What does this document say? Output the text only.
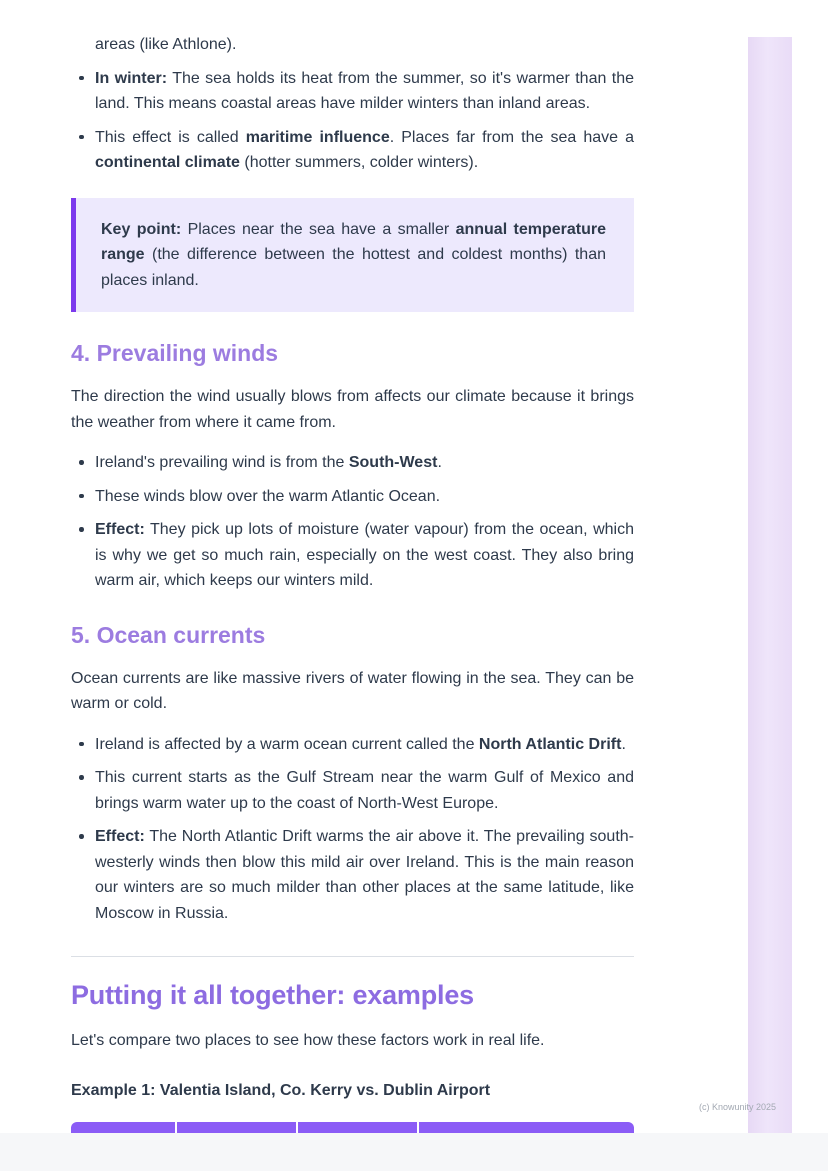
areas (like Athlone).

In winter: The sea holds its heat from the summer, so it's warmer than the land. This means coastal areas have milder winters than inland areas.
This effect is called maritime influence. Places far from the sea have a continental climate (hotter summers, colder winters).

Key point: Places near the sea have a smaller annual temperature range (the difference between the hottest and coldest months) than places inland.

4. Prevailing winds

The direction the wind usually blows from affects our climate because it brings the weather from where it came from.

Ireland's prevailing wind is from the South-West.
These winds blow over the warm Atlantic Ocean.
Effect: They pick up lots of moisture (water vapour) from the ocean, which is why we get so much rain, especially on the west coast. They also bring warm air, which keeps our winters mild.
5. Ocean currents

Ocean currents are like massive rivers of water flowing in the sea. They can be warm or cold.

Ireland is affected by a warm ocean current called the North Atlantic Drift.
This current starts as the Gulf Stream near the warm Gulf of Mexico and brings warm water up to the coast of North-West Europe.
Effect: The North Atlantic Drift warms the air above it. The prevailing south-westerly winds then blow this mild air over Ireland. This is the main reason our winters are so much milder than other places at the same latitude, like Moscow in Russia.
Putting it all together: examples

Let's compare two places to see how these factors work in real life.

Example 1: Valentia Island, Co. Kerry vs. Dublin Airport

(c) Knowunity 2025
